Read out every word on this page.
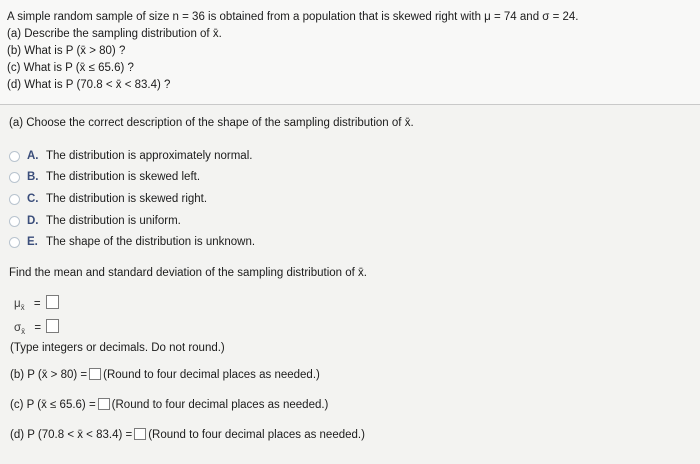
A simple random sample of size n = 36 is obtained from a population that is skewed right with μ = 74 and σ = 24.
(a) Describe the sampling distribution of x̄.
(b) What is P (x̄ > 80) ?
(c) What is P (x̄ ≤ 65.6) ?
(d) What is P (70.8 < x̄ < 83.4) ?
(a) Choose the correct description of the shape of the sampling distribution of x̄.
A. The distribution is approximately normal.
B. The distribution is skewed left.
C. The distribution is skewed right.
D. The distribution is uniform.
E. The shape of the distribution is unknown.
Find the mean and standard deviation of the sampling distribution of x̄.
$\mu_{x̄}$ =
$\sigma_{x̄}$ =
(Type integers or decimals. Do not round.)
(b) P (x̄ > 80) = (Round to four decimal places as needed.)
(c) P (x̄ ≤ 65.6) = (Round to four decimal places as needed.)
(d) P (70.8 < x̄ < 83.4) = (Round to four decimal places as needed.)
